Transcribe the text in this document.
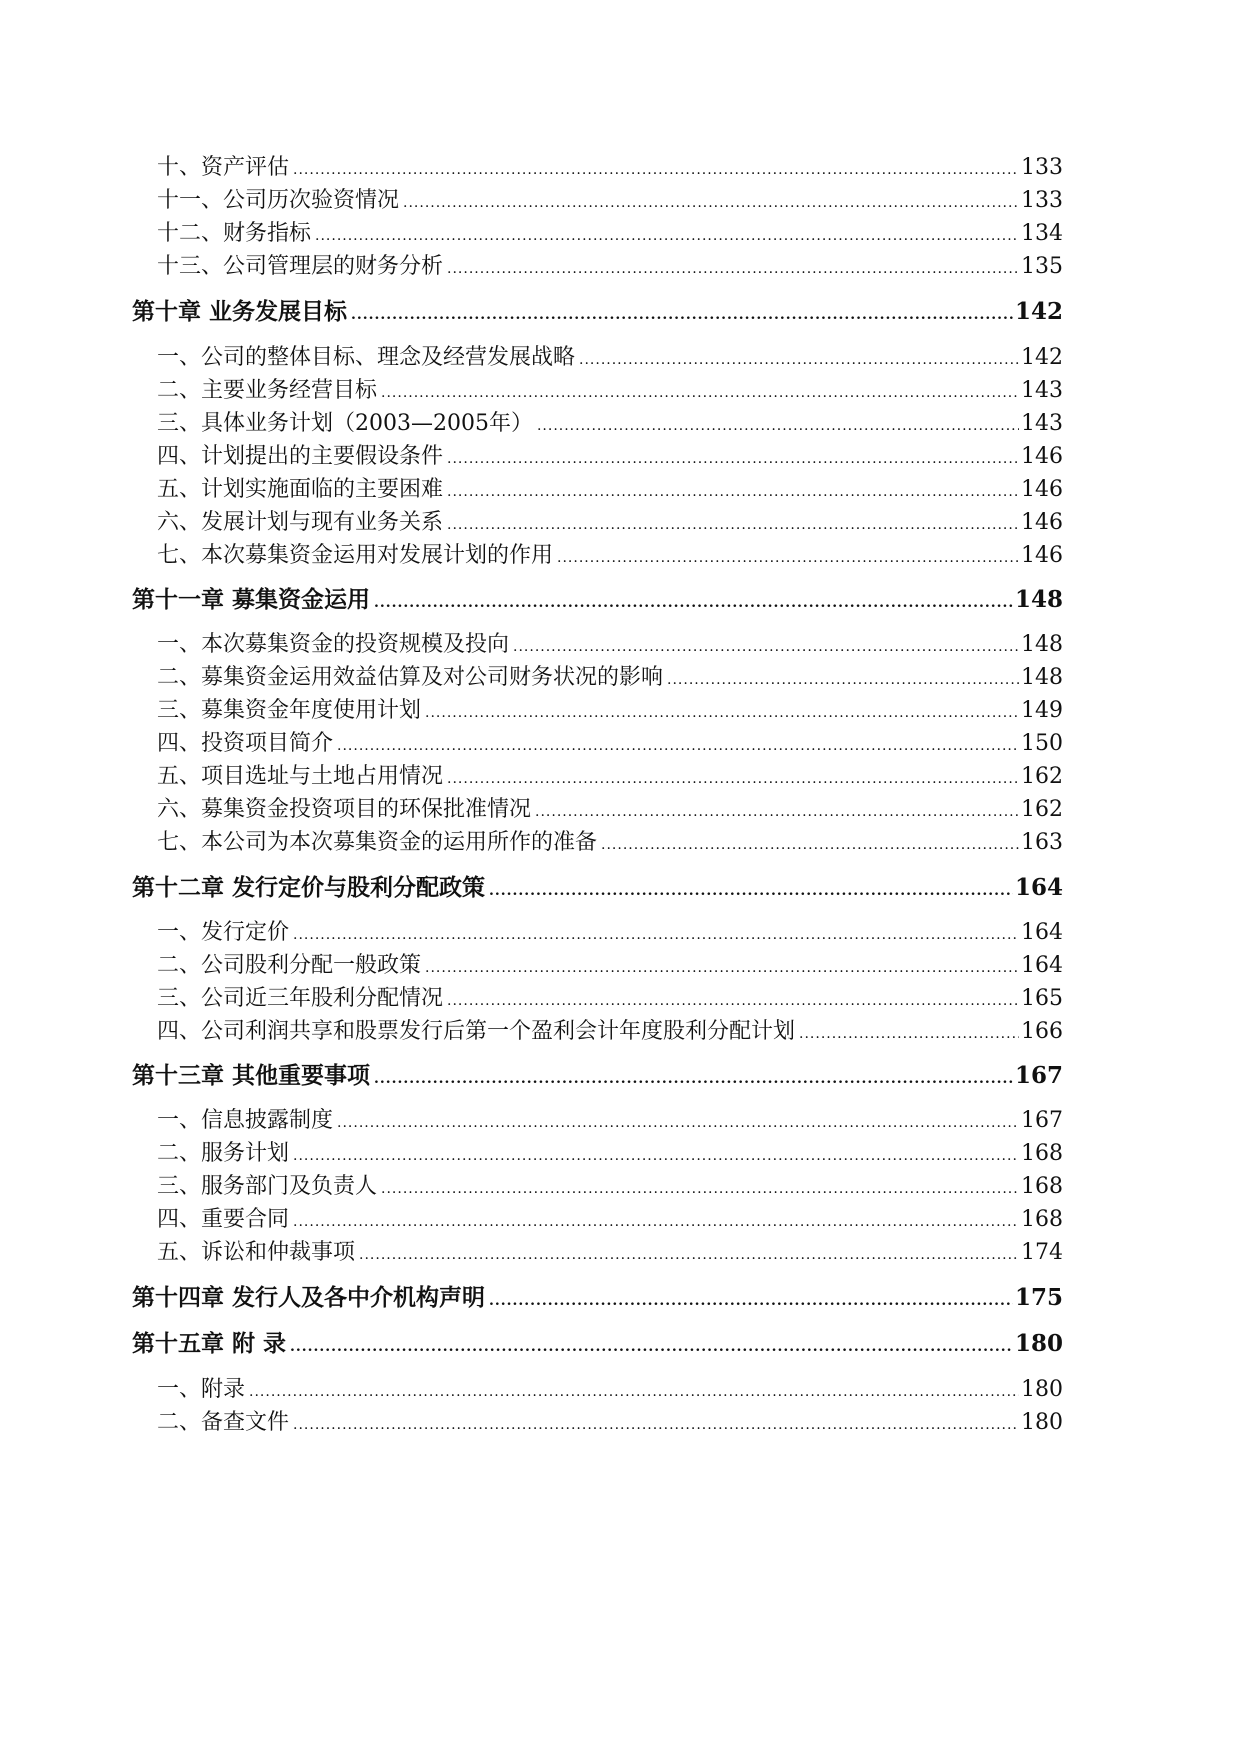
十、资产评估 .....	133
十一、公司历次验资情况 .....	133
十二、财务指标 .....	134
十三、公司管理层的财务分析 .....	135
第十章 业务发展目标 .....	142
一、公司的整体目标、理念及经营发展战略 .....	142
二、主要业务经营目标 .....	143
三、具体业务计划（2003—2005年） .....	143
四、计划提出的主要假设条件 .....	146
五、计划实施面临的主要困难 .....	146
六、发展计划与现有业务关系 .....	146
七、本次募集资金运用对发展计划的作用 .....	146
第十一章 募集资金运用 .....	148
一、本次募集资金的投资规模及投向 .....	148
二、募集资金运用效益估算及对公司财务状况的影响 .....	148
三、募集资金年度使用计划 .....	149
四、投资项目简介 .....	150
五、项目选址与土地占用情况 .....	162
六、募集资金投资项目的环保批准情况 .....	162
七、本公司为本次募集资金的运用所作的准备 .....	163
第十二章 发行定价与股利分配政策 .....	164
一、发行定价 .....	164
二、公司股利分配一般政策 .....	164
三、公司近三年股利分配情况 .....	165
四、公司利润共享和股票发行后第一个盈利会计年度股利分配计划 .....	166
第十三章 其他重要事项 .....	167
一、信息披露制度 .....	167
二、服务计划 .....	168
三、服务部门及负责人 .....	168
四、重要合同 .....	168
五、诉讼和仲裁事项 .....	174
第十四章 发行人及各中介机构声明 .....	175
第十五章 附 录 .....	180
一、附录 .....	180
二、备查文件 .....	180
